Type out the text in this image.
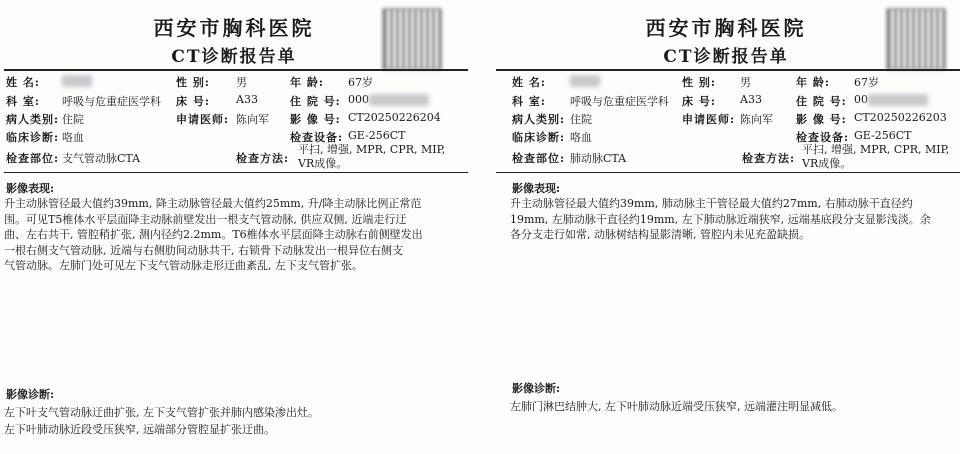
西安市胸科医院
CT诊断报告单
姓 名:	性 别: 男	年 龄: 67岁
科 室: 呼吸与危重症医学科 床 号: A33	住 院 号: 000
病人类别: 住院	申请医师: 陈向军 影 像 号: CT20250226204
临床诊断: 咯血	检查设备: GE-256CT
检查部位: 支气管动脉CTA	检查方法:
平扫, 增强, MPR, CPR, MIP,
VR成像。
影像表现:
升主动脉管径最大值约39mm, 降主动脉管径最大值约25mm, 升/降主动脉比例正常范
围。可见T5椎体水平层面降主动脉前壁发出一根支气管动脉, 供应双侧, 近端走行迂
曲、左右共干, 管腔稍扩张, 测内径约2.2mm。T6椎体水平层面降主动脉右前侧壁发出
一根右侧支气管动脉, 近端与右侧肋间动脉共干, 右锁骨下动脉发出一根异位右侧支
气管动脉。左肺门处可见左下支气管动脉走形迂曲紊乱, 左下支气管扩张。
影像诊断:
左下叶支气管动脉迂曲扩张, 左下支气管扩张并肺内感染渗出灶。
左下叶肺动脉近段受压狭窄, 远端部分管腔显扩张迂曲。
西安市胸科医院
CT诊断报告单
姓 名:	性 别: 男	年 龄: 67岁
科 室: 呼吸与危重症医学科 床 号: A33	住 院 号: 00
病人类别: 住院	申请医师: 陈向军 影 像 号: CT20250226203
临床诊断: 咯血	检查设备: GE-256CT
检查部位: 肺动脉CTA	检查方法:
平扫, 增强, MPR, CPR, MIP,
VR成像。
影像表现:
升主动脉管径最大值约39mm, 肺动脉主干管径最大值约27mm, 右肺动脉干直径约
19mm, 左肺动脉干直径约19mm, 左下肺动脉近端狭窄, 远端基底段分支显影浅淡。余
各分支走行如常, 动脉树结构显影清晰, 管腔内未见充盈缺损。
影像诊断:
左肺门淋巴结肿大, 左下叶肺动脉近端受压狭窄, 远端灌注明显减低。
